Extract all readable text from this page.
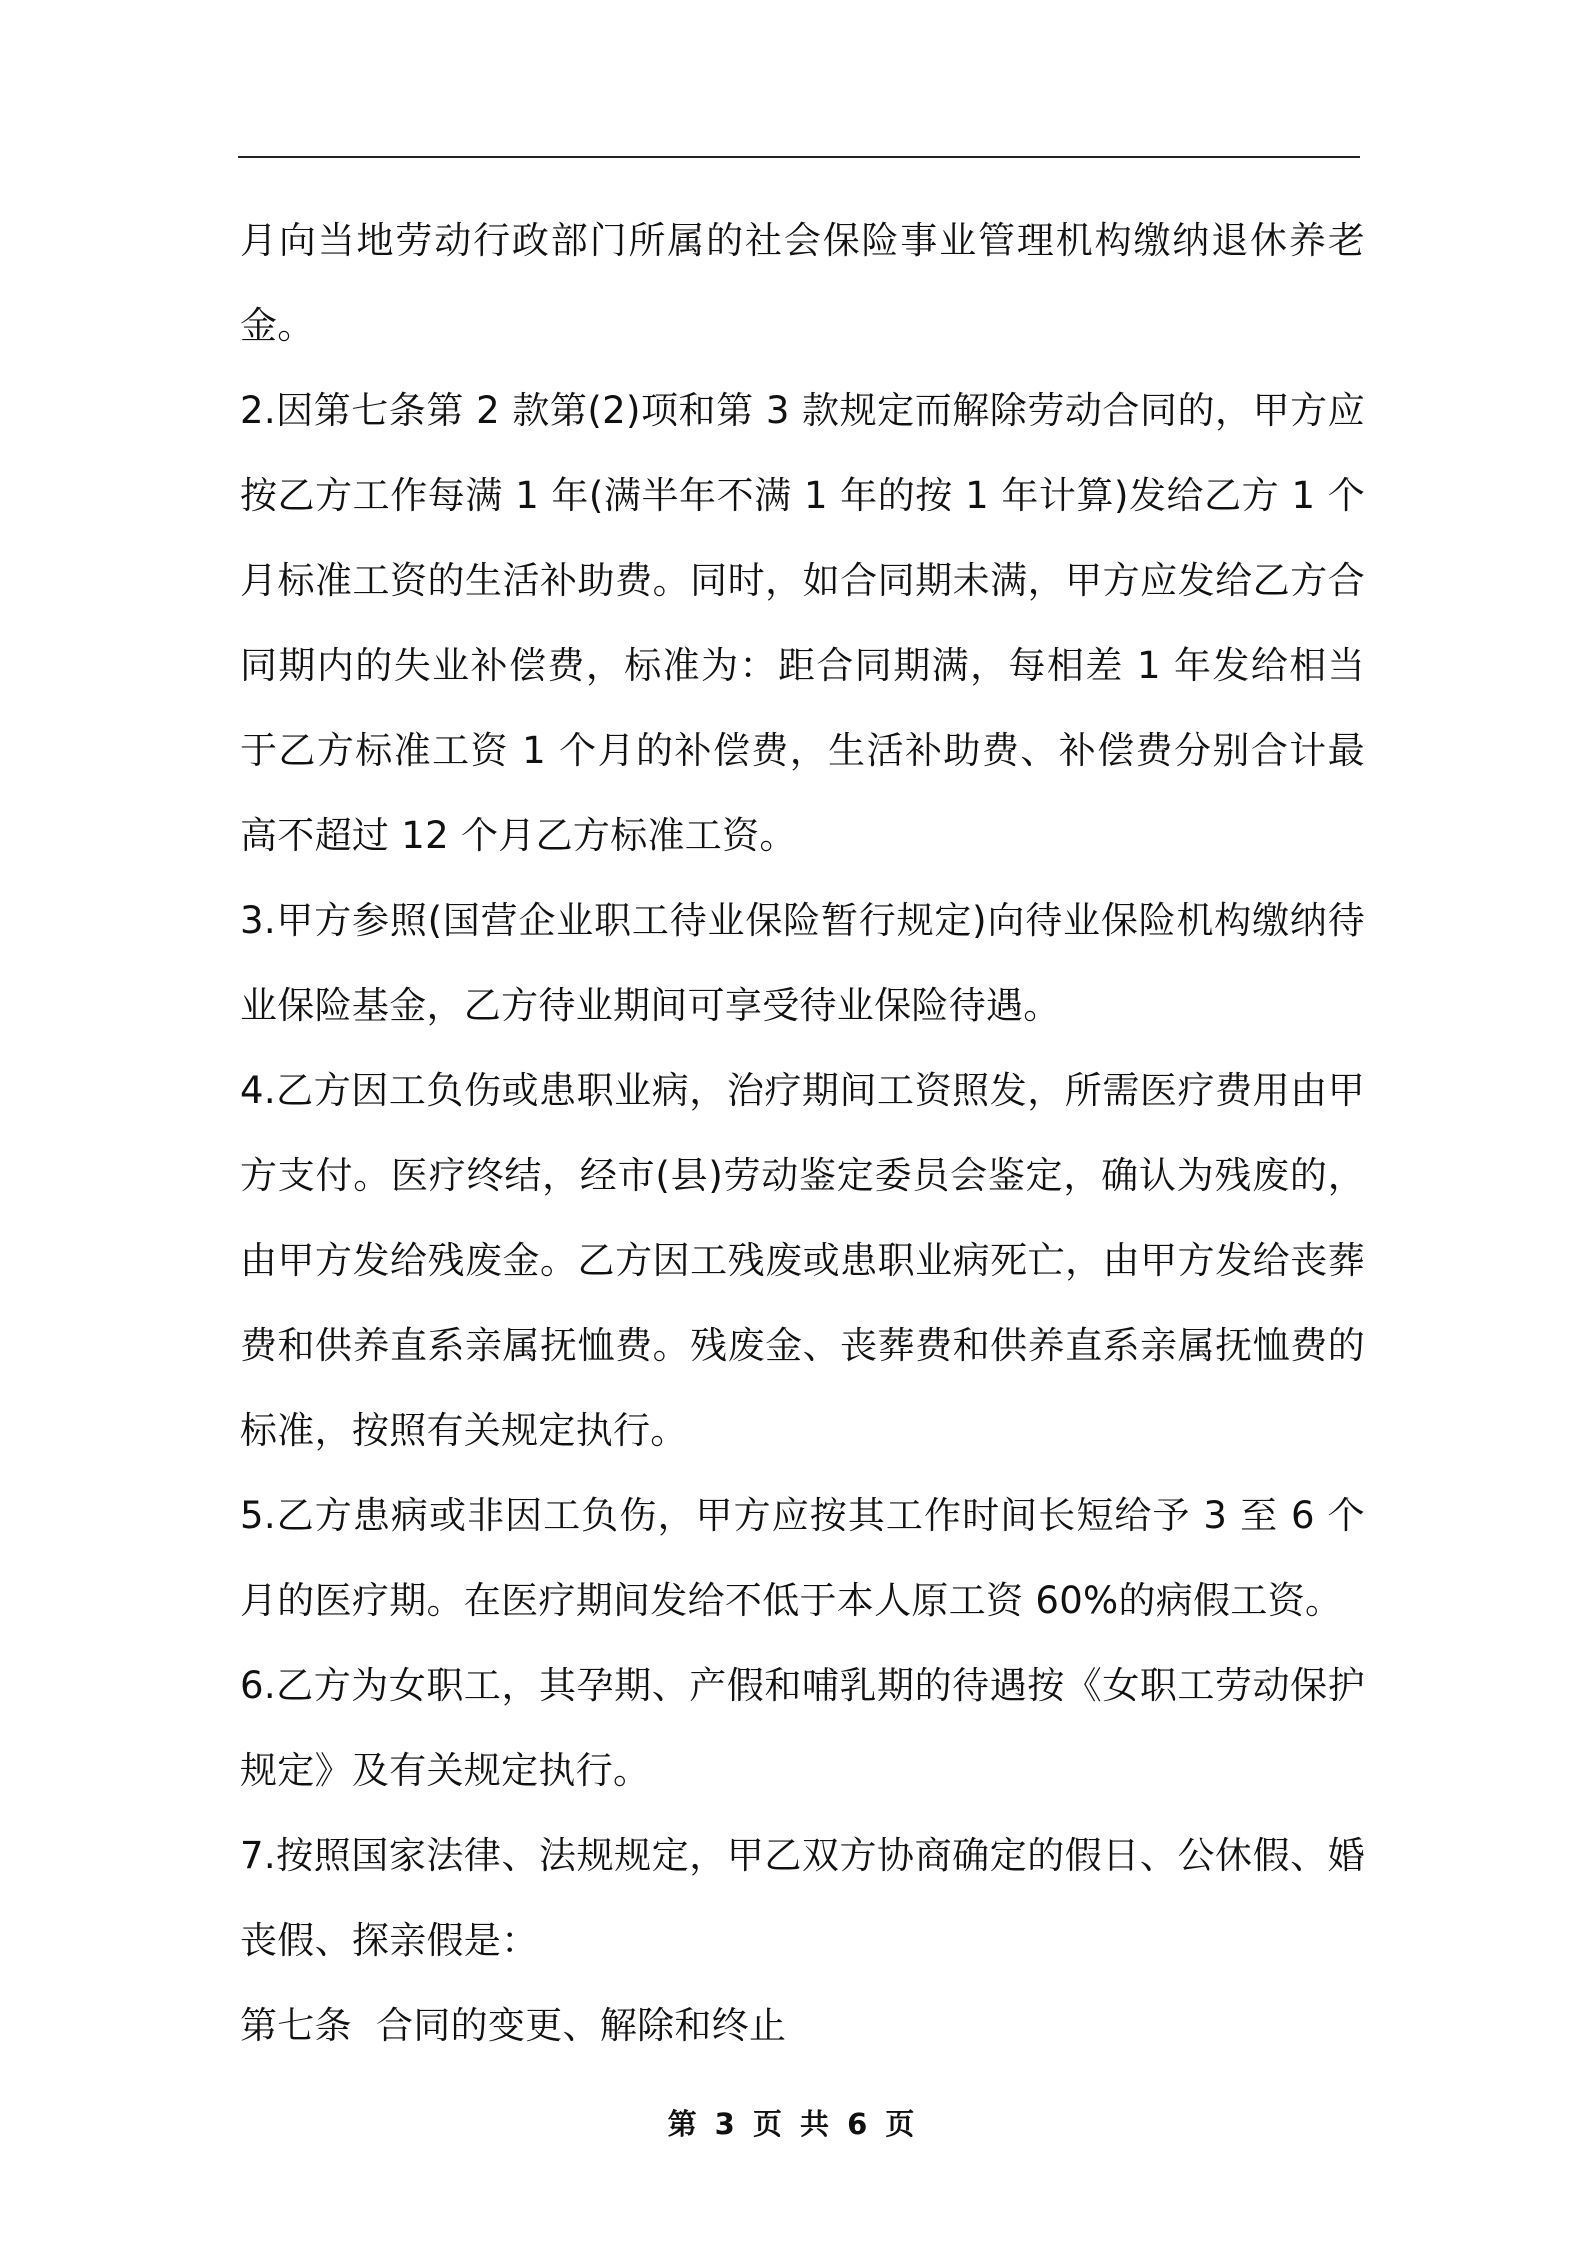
月向当地劳动行政部门所属的社会保险事业管理机构缴纳退休养老金。

2.因第七条第 2 款第(2)项和第 3 款规定而解除劳动合同的，甲方应按乙方工作每满 1 年(满半年不满 1 年的按 1 年计算)发给乙方 1 个月标准工资的生活补助费。同时，如合同期未满，甲方应发给乙方合同期内的失业补偿费，标准为：距合同期满，每相差 1 年发给相当于乙方标准工资 1 个月的补偿费，生活补助费、补偿费分别合计最高不超过 12 个月乙方标准工资。

3.甲方参照(国营企业职工待业保险暂行规定)向待业保险机构缴纳待业保险基金，乙方待业期间可享受待业保险待遇。

4.乙方因工负伤或患职业病，治疗期间工资照发，所需医疗费用由甲方支付。医疗终结，经市(县)劳动鉴定委员会鉴定，确认为残废的，由甲方发给残废金。乙方因工残废或患职业病死亡，由甲方发给丧葬费和供养直系亲属抚恤费。残废金、丧葬费和供养直系亲属抚恤费的标准，按照有关规定执行。

5.乙方患病或非因工负伤，甲方应按其工作时间长短给予 3 至 6 个月的医疗期。在医疗期间发给不低于本人原工资 60%的病假工资。

6.乙方为女职工，其孕期、产假和哺乳期的待遇按《女职工劳动保护规定》及有关规定执行。

7.按照国家法律、法规规定，甲乙双方协商确定的假日、公休假、婚丧假、探亲假是：

第七条  合同的变更、解除和终止

第 3 页 共 6 页
